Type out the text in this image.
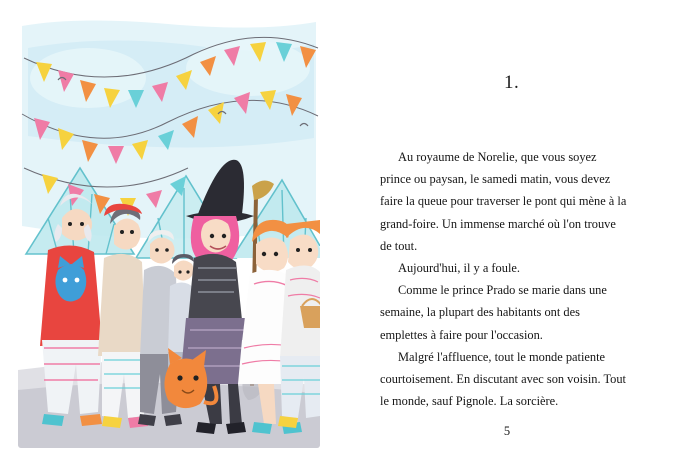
1.

Au royaume de Norelie, que vous soyez prince ou paysan, le samedi matin, vous devez faire la queue pour traverser le pont qui mène à la grand-foire. Un immense marché où l'on trouve de tout.

Aujourd'hui, il y a foule.

Comme le prince Prado se marie dans une semaine, la plupart des habitants ont des emplettes à faire pour l'occasion.

Malgré l'affluence, tout le monde patiente courtoisement. En discutant avec son voisin. Tout le monde, sauf Pignole. La sorcière.

5
